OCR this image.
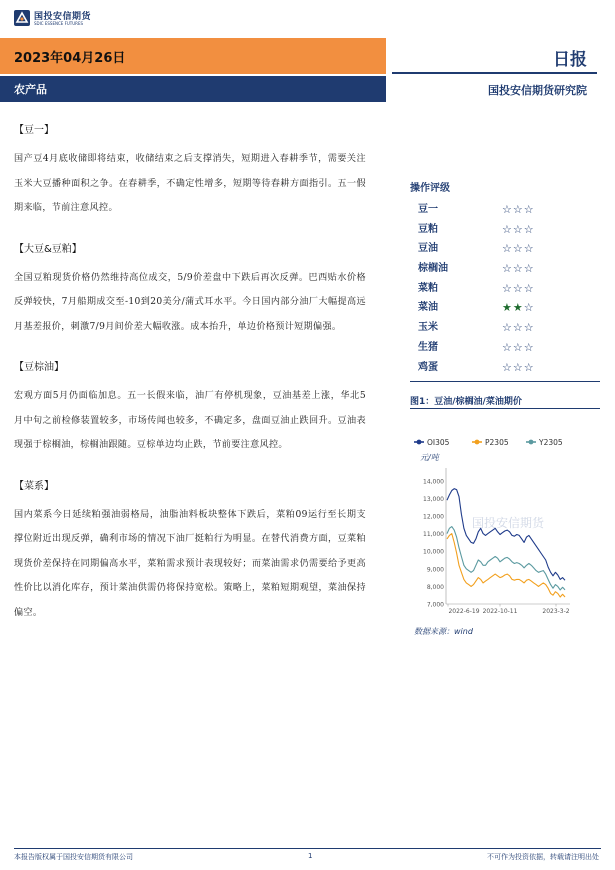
国投安信期货
SDIC ESSENCE FUTURES
2023年04月26日
农产品
日报
国投安信期货研究院
【豆一】
国产豆4月底收储即将结束，收储结束之后支撑消失，短期进入春耕季节，需要关注玉米大豆播种面积之争。在春耕季，不确定性增多，短期等待春耕方面指引。五一假期来临，节前注意风控。
【大豆&豆粕】
全国豆粕现货价格仍然维持高位成交，5/9价差盘中下跌后再次反弹。巴西贴水价格反弹较快，7月船期成交至-10到20美分/蒲式耳水平。今日国内部分油厂大幅提高远月基差报价，刺激7/9月间价差大幅收涨。成本抬升，单边价格预计短期偏强。
【豆棕油】
宏观方面5月仍面临加息。五一长假来临，油厂有停机现象，豆油基差上涨，华北5月中旬之前检修装置较多，市场传闻也较多，不确定多，盘面豆油止跌回升。豆油表现强于棕榈油，棕榈油跟随。豆棕单边均止跌，节前要注意风控。
【菜系】
国内菜系今日延续粕强油弱格局，油脂油料板块整体下跌后，菜粕09运行至长期支撑位附近出现反弹，确利市场的情况下油厂挺粕行为明显。在替代消费方面，豆菜粕现货价差保持在同期偏高水平，菜粕需求预计表现较好；而菜油需求仍需要给予更高性价比以消化库存，预计菜油供需仍将保持宽松。策略上，菜粕短期观望，菜油保持偏空。
操作评级
豆一	☆☆☆
豆粕	☆☆☆
豆油	☆☆☆
棕榈油	☆☆☆
菜粕	☆☆☆
菜油	★★☆
玉米	☆☆☆
生猪	☆☆☆
鸡蛋	☆☆☆
图1：豆油/棕榈油/菜油期价
OI305	P2305	Y2305
元/吨
7,000
8,000
9,000
10,000
11,000
12,000
13,000
14,000
国投安信期货
2022-6-19 2022-10-11	2023-3-2
数据来源：wind
本报告版权属于国投安信期货有限公司	1	不可作为投资依据，转载请注明出处
